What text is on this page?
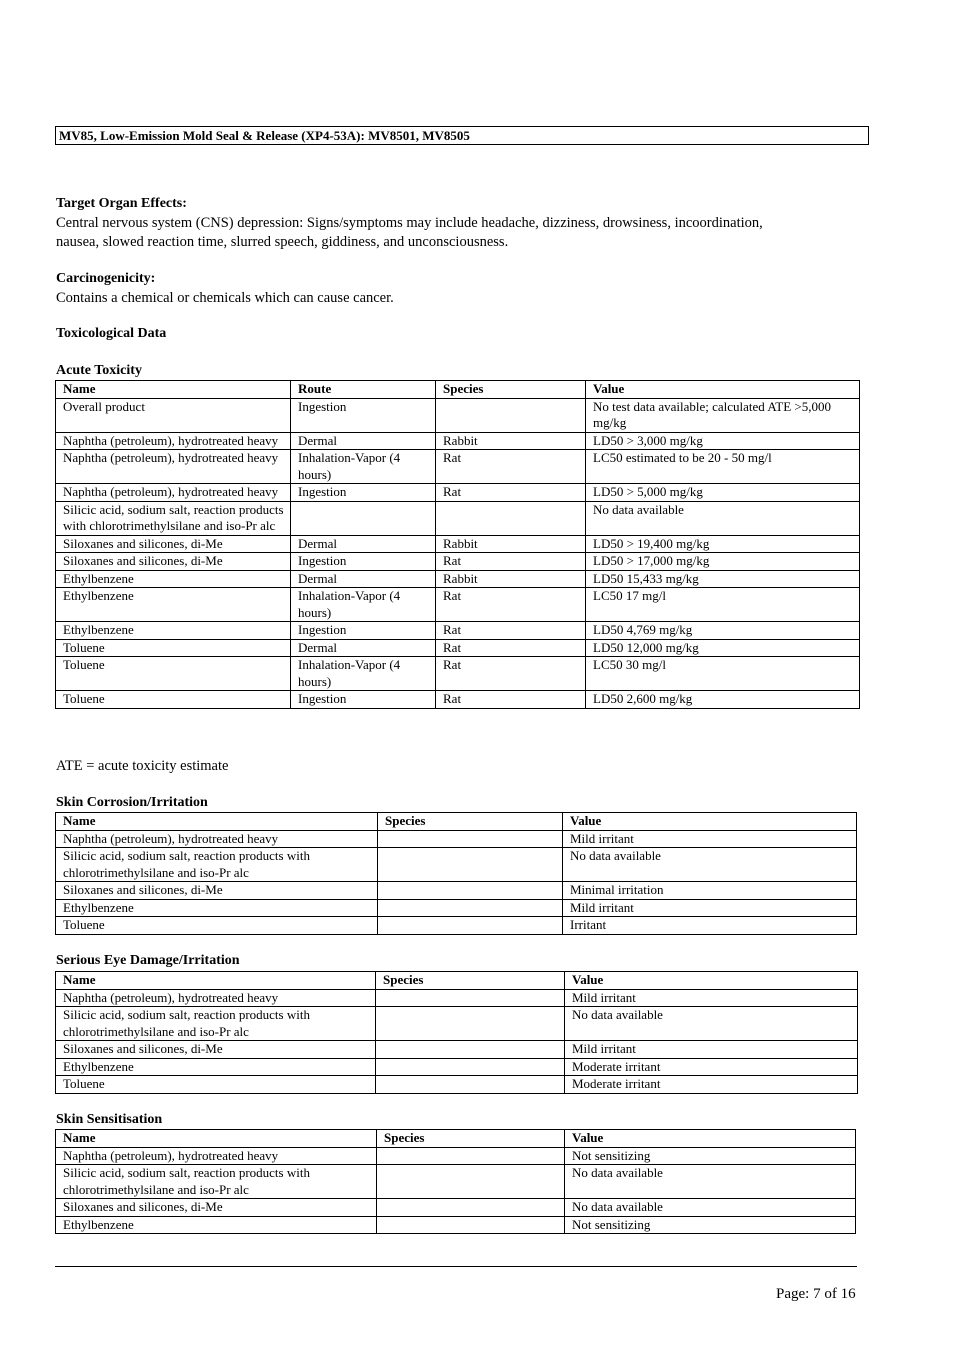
MV85, Low-Emission Mold Seal & Release (XP4-53A): MV8501, MV8505
Target Organ Effects:
Central nervous system (CNS) depression: Signs/symptoms may include headache, dizziness, drowsiness, incoordination,
nausea, slowed reaction time, slurred speech, giddiness, and unconsciousness.
Carcinogenicity:
Contains a chemical or chemicals which can cause cancer.
Toxicological Data
Acute Toxicity
Name	Route	Species	Value
Overall product	Ingestion		No test data available; calculated ATE >5,000 mg/kg
Naphtha (petroleum), hydrotreated heavy	Dermal	Rabbit	LD50 > 3,000 mg/kg
Naphtha (petroleum), hydrotreated heavy	Inhalation-Vapor (4 hours)	Rat	LC50 estimated to be 20 - 50 mg/l
Naphtha (petroleum), hydrotreated heavy	Ingestion	Rat	LD50 > 5,000 mg/kg
Silicic acid, sodium salt, reaction products with chlorotrimethylsilane and iso-Pr alc			No data available
Siloxanes and silicones, di-Me	Dermal	Rabbit	LD50 > 19,400 mg/kg
Siloxanes and silicones, di-Me	Ingestion	Rat	LD50 > 17,000 mg/kg
Ethylbenzene	Dermal	Rabbit	LD50 15,433 mg/kg
Ethylbenzene	Inhalation-Vapor (4 hours)	Rat	LC50 17 mg/l
Ethylbenzene	Ingestion	Rat	LD50 4,769 mg/kg
Toluene	Dermal	Rat	LD50 12,000 mg/kg
Toluene	Inhalation-Vapor (4 hours)	Rat	LC50 30 mg/l
Toluene	Ingestion	Rat	LD50 2,600 mg/kg
ATE = acute toxicity estimate
Skin Corrosion/Irritation
Name	Species	Value
Naphtha (petroleum), hydrotreated heavy		Mild irritant
Silicic acid, sodium salt, reaction products with chlorotrimethylsilane and iso-Pr alc		No data available
Siloxanes and silicones, di-Me		Minimal irritation
Ethylbenzene		Mild irritant
Toluene		Irritant
Serious Eye Damage/Irritation
Name	Species	Value
Naphtha (petroleum), hydrotreated heavy		Mild irritant
Silicic acid, sodium salt, reaction products with chlorotrimethylsilane and iso-Pr alc		No data available
Siloxanes and silicones, di-Me		Mild irritant
Ethylbenzene		Moderate irritant
Toluene		Moderate irritant
Skin Sensitisation
Name	Species	Value
Naphtha (petroleum), hydrotreated heavy		Not sensitizing
Silicic acid, sodium salt, reaction products with chlorotrimethylsilane and iso-Pr alc		No data available
Siloxanes and silicones, di-Me		No data available
Ethylbenzene		Not sensitizing
Page: 7 of 16
